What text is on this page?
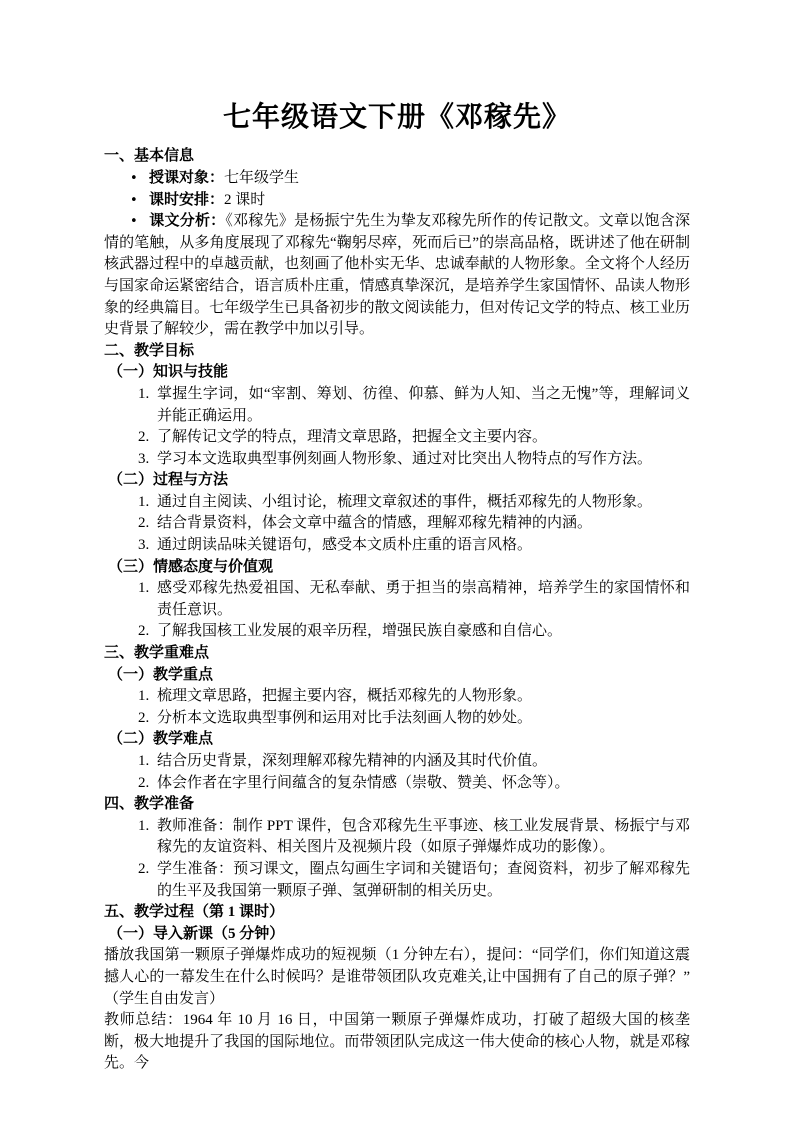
七年级语文下册《邓稼先》
一、基本信息

• 授课对象：七年级学生

• 课时安排：2 课时

• 课文分析：《邓稼先》是杨振宁先生为挚友邓稼先所作的传记散文。文章以饱含深情的笔触，从多角度展现了邓稼先“鞠躬尽瘁，死而后已”的崇高品格，既讲述了他在研制核武器过程中的卓越贡献，也刻画了他朴实无华、忠诚奉献的人物形象。全文将个人经历与国家命运紧密结合，语言质朴庄重，情感真挚深沉，是培养学生家国情怀、品读人物形象的经典篇目。七年级学生已具备初步的散文阅读能力，但对传记文学的特点、核工业历史背景了解较少，需在教学中加以引导。

二、教学目标
（一）知识与技能
1. 掌握生字词，如“宰割、筹划、彷徨、仰慕、鲜为人知、当之无愧”等，理解词义并能正确运用。
2. 了解传记文学的特点，理清文章思路，把握全文主要内容。
3. 学习本文选取典型事例刻画人物形象、通过对比突出人物特点的写作方法。
（二）过程与方法
1. 通过自主阅读、小组讨论，梳理文章叙述的事件，概括邓稼先的人物形象。
2. 结合背景资料，体会文章中蕴含的情感，理解邓稼先精神的内涵。
3. 通过朗读品味关键语句，感受本文质朴庄重的语言风格。
（三）情感态度与价值观
1. 感受邓稼先热爱祖国、无私奉献、勇于担当的崇高精神，培养学生的家国情怀和责任意识。
2. 了解我国核工业发展的艰辛历程，增强民族自豪感和自信心。
三、教学重难点
（一）教学重点
1. 梳理文章思路，把握主要内容，概括邓稼先的人物形象。
2. 分析本文选取典型事例和运用对比手法刻画人物的妙处。
（二）教学难点
1. 结合历史背景，深刻理解邓稼先精神的内涵及其时代价值。
2. 体会作者在字里行间蕴含的复杂情感（崇敬、赞美、怀念等）。
四、教学准备
1. 教师准备：制作 PPT 课件，包含邓稼先生平事迹、核工业发展背景、杨振宁与邓稼先的友谊资料、相关图片及视频片段（如原子弹爆炸成功的影像）。
2. 学生准备：预习课文，圈点勾画生字词和关键语句；查阅资料，初步了解邓稼先的生平及我国第一颗原子弹、氢弹研制的相关历史。
五、教学过程（第 1 课时）
（一）导入新课（5 分钟）

播放我国第一颗原子弹爆炸成功的短视频（1 分钟左右），提问：“同学们，你们知道这震撼人心的一幕发生在什么时候吗？是谁带领团队攻克难关,让中国拥有了自己的原子弹？”（学生自由发言）

教师总结：1964 年 10 月 16 日，中国第一颗原子弹爆炸成功，打破了超级大国的核垄断，极大地提升了我国的国际地位。而带领团队完成这一伟大使命的核心人物，就是邓稼先。今
